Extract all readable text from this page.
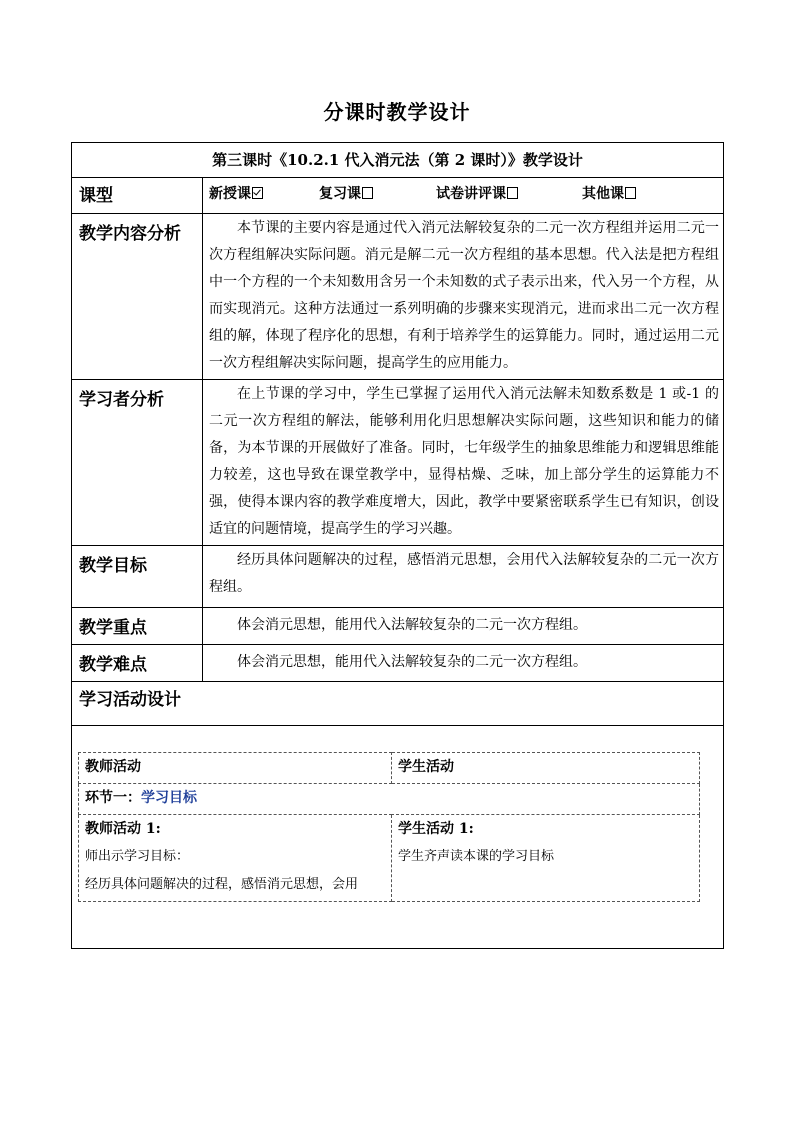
分课时教学设计
第三课时《10.2.1 代入消元法（第 2 课时）》教学设计
课型	新授课	复习课	试卷讲评课	其他课

教学内容分析	本节课的主要内容是通过代入消元法解较复杂的二元一次方程组并运用二元一次方程组解决实际问题。消元是解二元一次方程组的基本思想。代入法是把方程组中一个方程的一个未知数用含另一个未知数的式子表示出来，代入另一个方程，从而实现消元。这种方法通过一系列明确的步骤来实现消元，进而求出二元一次方程组的解，体现了程序化的思想，有利于培养学生的运算能力。同时，通过运用二元一次方程组解决实际问题，提高学生的应用能力。

学习者分析	在上节课的学习中，学生已掌握了运用代入消元法解未知数系数是 1 或-1 的二元一次方程组的解法，能够利用化归思想解决实际问题，这些知识和能力的储备，为本节课的开展做好了准备。同时，七年级学生的抽象思维能力和逻辑思维能力较差，这也导致在课堂教学中，显得枯燥、乏味，加上部分学生的运算能力不强，使得本课内容的教学难度增大，因此，教学中要紧密联系学生已有知识，创设适宜的问题情境，提高学生的学习兴趣。

教学目标	经历具体问题解决的过程，感悟消元思想，会用代入法解较复杂的二元一次方程组。

教学重点	体会消元思想，能用代入法解较复杂的二元一次方程组。

教学难点	体会消元思想，能用代入法解较复杂的二元一次方程组。

学习活动设计

教师活动	学生活动
环节一：学习目标

教师活动 1:
师出示学习目标：
经历具体问题解决的过程，感悟消元思想，会用

学生活动 1:
学生齐声读本课的学习目标
